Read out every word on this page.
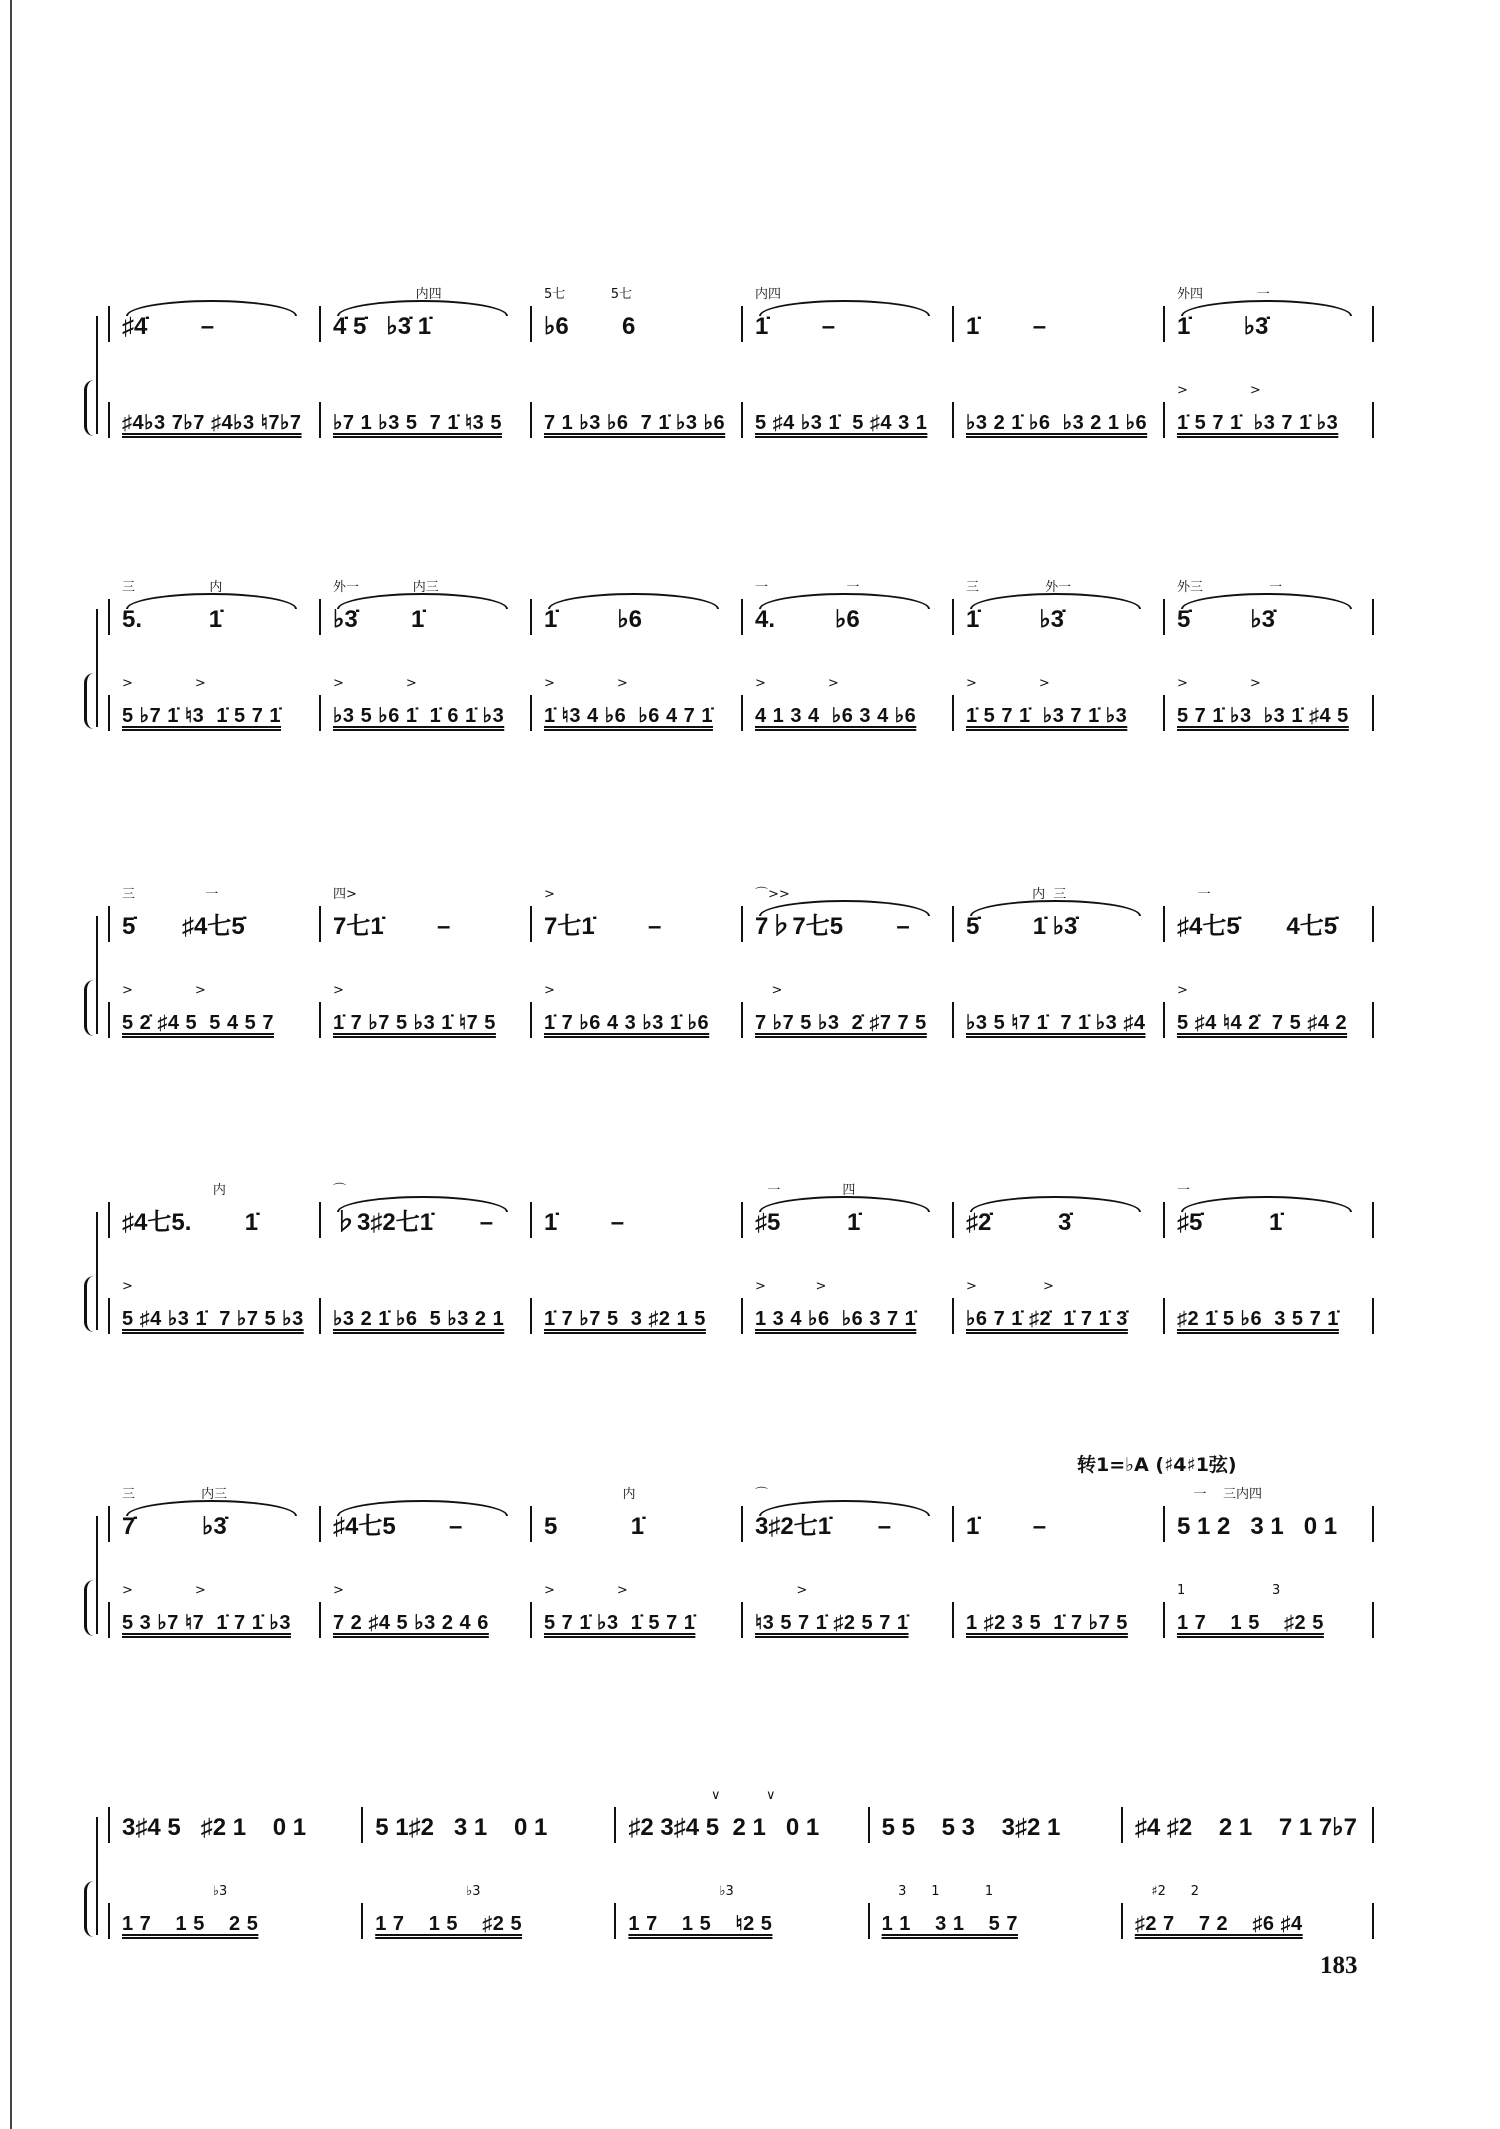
♯4̇        –
内四
4̇ 5̇   ♭3̇ 1̇
5七           5七
♭6        6
内四
1̇        –	1̇        –
外四             一
1̇        ♭3̇
♯4♭3 7♭7 ♯4♭3 ♮7♭7	♭7 1 ♭3 5  7 1̇ ♮3 5	7 1 ♭3 ♭6  7 1̇ ♭3 ♭6	5 ♯4 ♭3 1̇  5 ♯4 3 1	♭3 2 1̇ ♭6  ♭3 2 1 ♭6
>               >
1̇ 5 7 1̇  ♭3 7 1̇ ♭3
三                  内
5.          1̇
外一             内三
♭3̇        1̇	1̇         ♭6
一                   一
4.         ♭6
三                外一
1̇         ♭3̇
外三                一
5̇         ♭3̇
>               >
5 ♭7 1̇ ♮3  1̇ 5 7 1̇
>               >
♭3 5 ♭6 1̇  1̇ 6 1̇ ♭3
>               >
1̇ ♮3 4 ♭6  ♭6 4 7 1̇
>               >
4 1 3 4  ♭6 3 4 ♭6
>               >
1̇ 5 7 1̇  ♭3 7 1̇ ♭3
>               >
5 7 1̇ ♭3  ♭3 1̇ ♯4 5
三                 一
5̇       ♯4七5̇
四>
7七1̇        –
>
7七1̇        –
⌒>>
7♭7七5        –
内  三
5̇        1̇ ♭3̇
一
♯4七5̇       4七5̇
>               >
5 2̇ ♯4 5  5 4 5 7
>
1̇ 7 ♭7 5 ♭3 1̇ ♮7 5
>
1̇ 7 ♭6 4 3 ♭3 1̇ ♭6
>
7 ♭7 5 ♭3  2̇ ♯7 7 5	♭3 5 ♮7 1̇  7 1̇ ♭3 ♯4
>
5 ♯4 ♮4 2̇  7 5 ♯4 2
内
♯4七5.        1̇
⌒
♭3♯2七1̇       –	1̇        –
一               四
♯5          1̇	♯2̇          3̇
一
♯5̇          1̇
>
5 ♯4 ♭3 1̇  7 ♭7 5 ♭3	♭3 2 1̇ ♭6  5 ♭3 2 1	1̇ 7 ♭7 5  3 ♯2 1 5
>            >
1 3 4 ♭6  ♭6 3 7 1̇
>                >
♭6 7 1̇ ♯2̇  1̇ 7 1̇ 3̇	♯2 1̇ 5 ♭6  3 5 7 1̇
转1=♭A (♯4♯1弦)
三                内三
7̇          ♭3̇	♯4七5        –
内
5           1̇
⌒
3♯2七1̇       –	1̇        –
一    三内四
5 1 2   3 1   0 1
>               >
5 3 ♭7 ♮7  1̇ 7 1̇ ♭3
>
7 2 ♯4 5 ♭3 2 4 6
>               >
5 7 1̇ ♭3  1̇ 5 7 1̇
>
♮3 5 7 1̇ ♯2 5 7 1̇	1 ♯2 3 5  1̇ 7 ♭7 5
1                     3
1 7    1 5    ♯2 5
3♯4 5   ♯2 1    0 1	5 1♯2   3 1    0 1
∨           ∨
♯2 3♯4 5  2 1   0 1	5 5    5 3    3♯2 1	♯4 ♯2    2 1    7 1 7♭7
♭3
1 7    1 5    2 5
♭3
1 7    1 5    ♯2 5
♭3
1 7    1 5    ♮2 5
3      1           1
1 1    3 1    5 7
♯2      2
♯2 7    7 2    ♯6 ♯4
183
